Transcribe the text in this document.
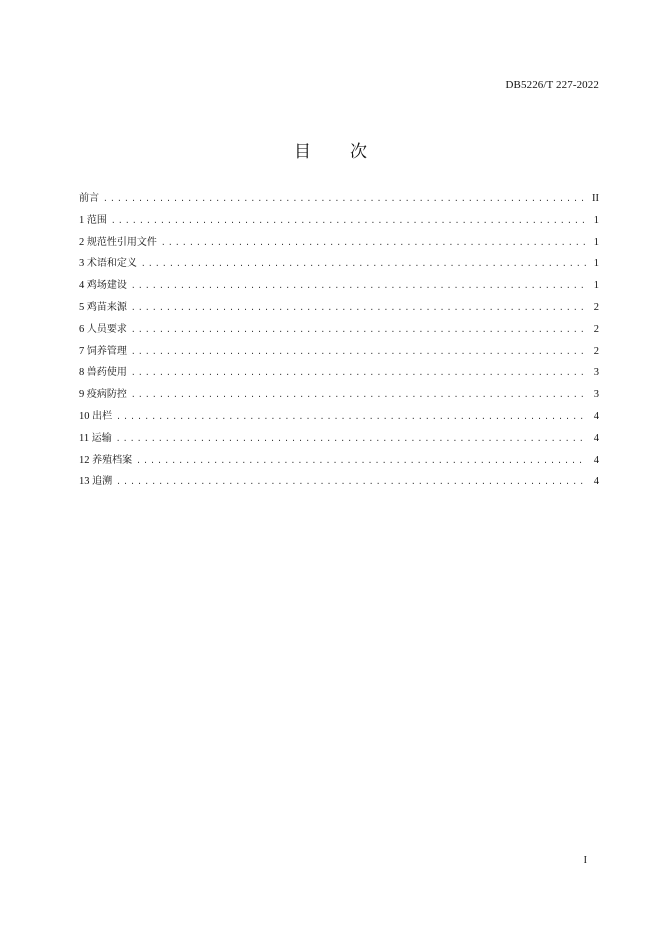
DB5226/T 227-2022
目 次
前言 .....	II
1 范围 .....	1
2 规范性引用文件 .....	1
3 术语和定义 .....	1
4 鸡场建设 .....	1
5 鸡苗来源 .....	2
6 人员要求 .....	2
7 饲养管理 .....	2
8 兽药使用 .....	3
9 疫病防控 .....	3
10 出栏 .....	4
11 运输 .....	4
12 养殖档案 .....	4
13 追溯 .....	4
I
